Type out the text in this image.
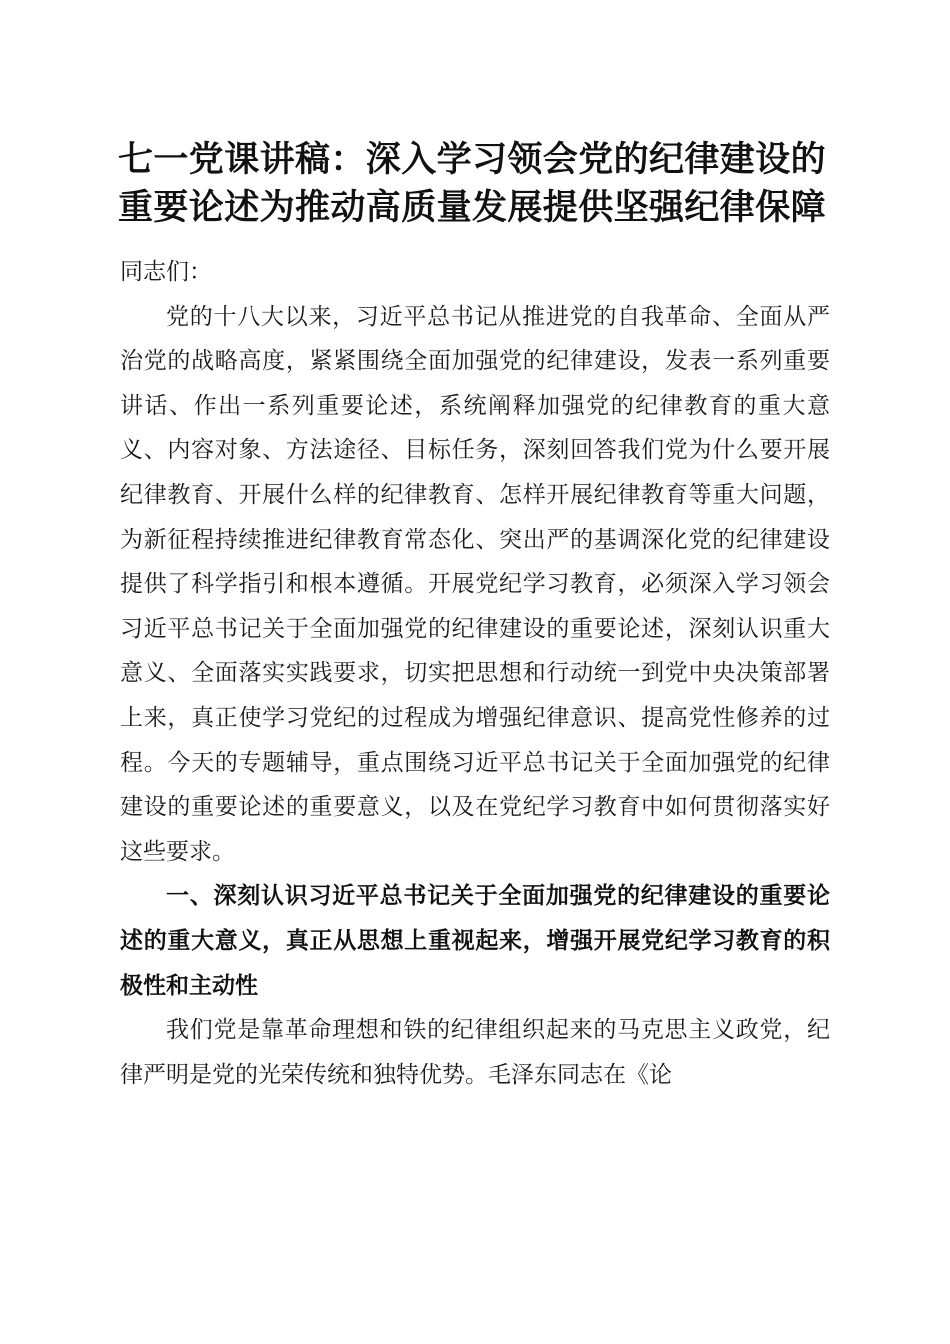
七一党课讲稿：深入学习领会党的纪律建设的
重要论述为推动高质量发展提供坚强纪律保障

同志们：

党的十八大以来，习近平总书记从推进党的自我革命、全面从严治党的战略高度，紧紧围绕全面加强党的纪律建设，发表一系列重要讲话、作出一系列重要论述，系统阐释加强党的纪律教育的重大意义、内容对象、方法途径、目标任务，深刻回答我们党为什么要开展纪律教育、开展什么样的纪律教育、怎样开展纪律教育等重大问题，为新征程持续推进纪律教育常态化、突出严的基调深化党的纪律建设提供了科学指引和根本遵循。开展党纪学习教育，必须深入学习领会习近平总书记关于全面加强党的纪律建设的重要论述，深刻认识重大意义、全面落实实践要求，切实把思想和行动统一到党中央决策部署上来，真正使学习党纪的过程成为增强纪律意识、提高党性修养的过程。今天的专题辅导，重点围绕习近平总书记关于全面加强党的纪律建设的重要论述的重要意义，以及在党纪学习教育中如何贯彻落实好这些要求。

一、深刻认识习近平总书记关于全面加强党的纪律建设的重要论述的重大意义，真正从思想上重视起来，增强开展党纪学习教育的积极性和主动性

我们党是靠革命理想和铁的纪律组织起来的马克思主义政党，纪律严明是党的光荣传统和独特优势。毛泽东同志在《论
